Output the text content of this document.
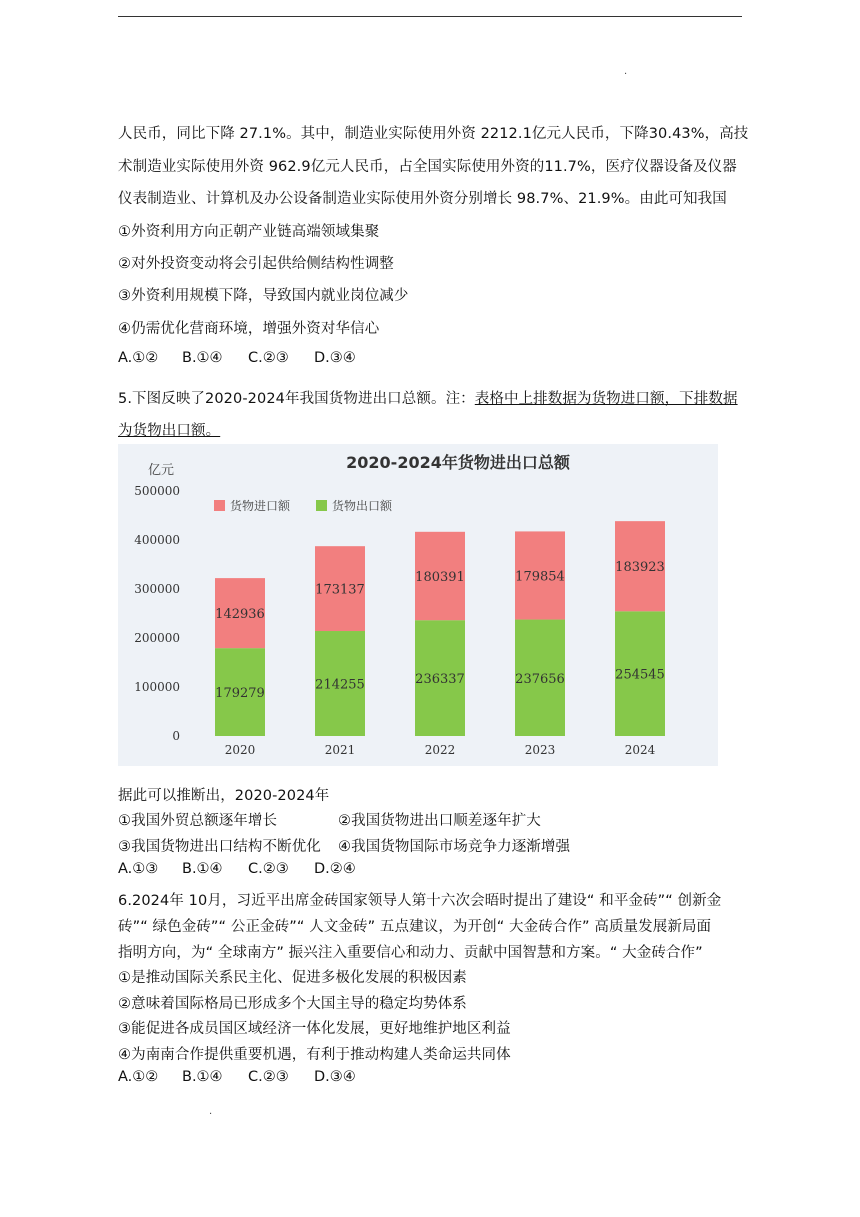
.
人民币，同比下降 27.1%。其中，制造业实际使用外资 2212.1亿元人民币，下降30.43%，高技
术制造业实际使用外资 962.9亿元人民币，占全国实际使用外资的11.7%，医疗仪器设备及仪器
仪表制造业、计算机及办公设备制造业实际使用外资分别增长 98.7%、21.9%。由此可知我国
①外资利用方向正朝产业链高端领域集聚
②对外投资变动将会引起供给侧结构性调整
③外资利用规模下降，导致国内就业岗位减少
④仍需优化营商环境，增强外资对华信心
A.①② B.①④ C.②③ D.③④
5.下图反映了2020-2024年我国货物进出口总额。注：表格中上排数据为货物进口额，下排数据
为货物出口额。
2020-2024年货物进出口总额
亿元
0
100000
200000
300000
400000
500000
货物进口额	货物出口额
179279
142936
2020
214255
173137
2021
236337
180391
2022
237656
179854
2023
254545
183923
2024
据此可以推断出，2020-2024年
①我国外贸总额逐年增长	②我国货物进出口顺差逐年扩大
③我国货物进出口结构不断优化 ④我国货物国际市场竞争力逐渐增强
A.①③ B.①④ C.②③ D.②④
6.2024年 10月，习近平出席金砖国家领导人第十六次会晤时提出了建设“ 和平金砖”“ 创新金
砖”“ 绿色金砖”“ 公正金砖”“ 人文金砖” 五点建议，为开创“ 大金砖合作” 高质量发展新局面
指明方向，为“ 全球南方” 振兴注入重要信心和动力、贡献中国智慧和方案。“ 大金砖合作”
①是推动国际关系民主化、促进多极化发展的积极因素
②意味着国际格局已形成多个大国主导的稳定均势体系
③能促进各成员国区域经济一体化发展，更好地维护地区利益
④为南南合作提供重要机遇，有利于推动构建人类命运共同体
A.①② B.①④ C.②③ D.③④
.
